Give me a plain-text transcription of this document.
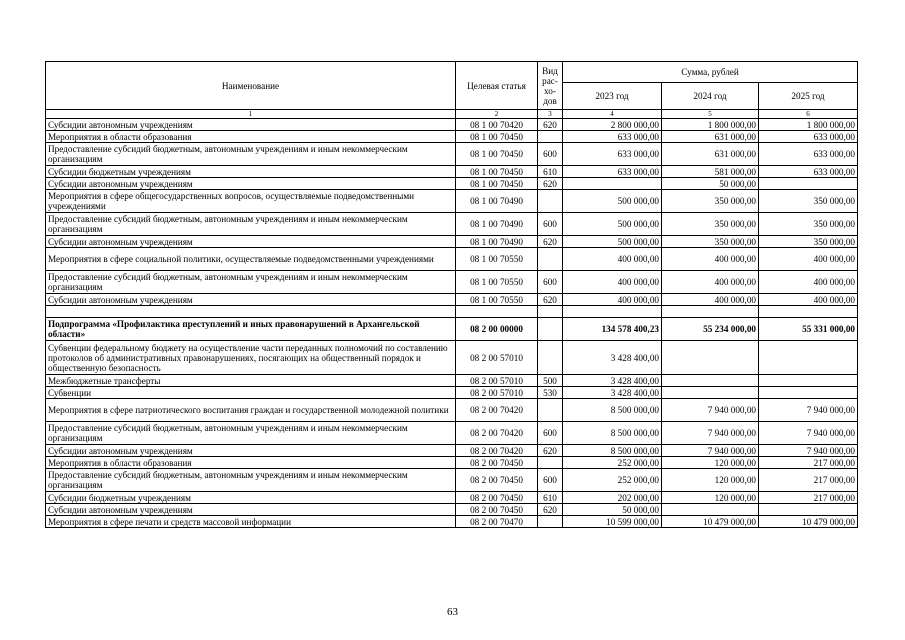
Наименование	Целевая статья	Вид
рас-
хо-
дов	Сумма, рублей		
			2023 год	2024 год	2025 год
1	2	3	4	5	6
Субсидии автономным учреждениям	08 1 00 70420	620	2 800 000,00	1 800 000,00	1 800 000,00
Мероприятия в области образования	08 1 00 70450		633 000,00	631 000,00	633 000,00
Предоставление субсидий бюджетным, автономным учреждениям и иным некоммерческим организациям	08 1 00 70450	600	633 000,00	631 000,00	633 000,00
Субсидии бюджетным учреждениям	08 1 00 70450	610	633 000,00	581 000,00	633 000,00
Субсидии автономным учреждениям	08 1 00 70450	620		50 000,00	
Мероприятия в сфере общегосударственных вопросов, осуществляемые подведомственными учреждениями	08 1 00 70490		500 000,00	350 000,00	350 000,00
Предоставление субсидий бюджетным, автономным учреждениям и иным некоммерческим организациям	08 1 00 70490	600	500 000,00	350 000,00	350 000,00
Субсидии автономным учреждениям	08 1 00 70490	620	500 000,00	350 000,00	350 000,00
Мероприятия в сфере социальной политики, осуществляемые подведомственными учреждениями	08 1 00 70550		400 000,00	400 000,00	400 000,00
Предоставление субсидий бюджетным, автономным учреждениям и иным некоммерческим организациям	08 1 00 70550	600	400 000,00	400 000,00	400 000,00
Субсидии автономным учреждениям	08 1 00 70550	620	400 000,00	400 000,00	400 000,00

Подпрограмма «Профилактика преступлений и иных правонарушений в Архангельской области»	08 2 00 00000		134 578 400,23	55 234 000,00	55 331 000,00
Субвенции федеральному бюджету на осуществление части переданных полномочий по составлению протоколов об административных правонарушениях, посягающих на общественный порядок и общественную безопасность	08 2 00 57010		3 428 400,00		
Межбюджетные трансферты	08 2 00 57010	500	3 428 400,00		
Субвенции	08 2 00 57010	530	3 428 400,00		
Мероприятия в сфере патриотического воспитания граждан и государственной молодежной политики	08 2 00 70420		8 500 000,00	7 940 000,00	7 940 000,00
Предоставление субсидий бюджетным, автономным учреждениям и иным некоммерческим организациям	08 2 00 70420	600	8 500 000,00	7 940 000,00	7 940 000,00
Субсидии автономным учреждениям	08 2 00 70420	620	8 500 000,00	7 940 000,00	7 940 000,00
Мероприятия в области образования	08 2 00 70450		252 000,00	120 000,00	217 000,00
Предоставление субсидий бюджетным, автономным учреждениям и иным некоммерческим организациям	08 2 00 70450	600	252 000,00	120 000,00	217 000,00
Субсидии бюджетным учреждениям	08 2 00 70450	610	202 000,00	120 000,00	217 000,00
Субсидии автономным учреждениям	08 2 00 70450	620	50 000,00		
Мероприятия в сфере печати и средств массовой информации	08 2 00 70470		10 599 000,00	10 479 000,00	10 479 000,00
63
